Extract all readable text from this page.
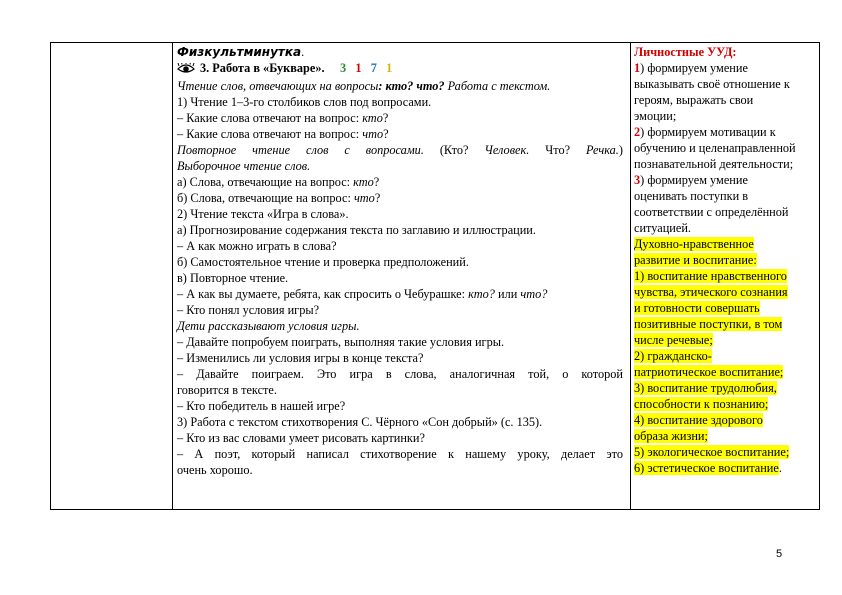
Физкультминутка.
3. Работа в «Букваре». 3 1 7 1
Чтение слов, отвечающих на вопросы: кто? что? Работа с текстом.
1) Чтение 1–3-го столбиков слов под вопросами.
– Какие слова отвечают на вопрос: кто?
– Какие слова отвечают на вопрос: что?
Повторное чтение слов с вопросами. (Кто? Человек. Что? Речка.)
Выборочное чтение слов.
а) Слова, отвечающие на вопрос: кто?
б) Слова, отвечающие на вопрос: что?
2) Чтение текста «Игра в слова».
а) Прогнозирование содержания текста по заглавию и иллюстрации.
– А как можно играть в слова?
б) Самостоятельное чтение и проверка предположений.
в) Повторное чтение.
– А как вы думаете, ребята, как спросить о Чебурашке: кто? или что?
– Кто понял условия игры?
Дети рассказывают условия игры.
– Давайте попробуем поиграть, выполняя такие условия игры.
– Изменились ли условия игры в конце текста?
– Давайте поиграем. Это игра в слова, аналогичная той, о которой
говорится в тексте.
– Кто победитель в нашей игре?
3) Работа с текстом стихотворения С. Чёрного «Сон добрый» (с. 135).
– Кто из вас словами умеет рисовать картинки?
– А поэт, который написал стихотворение к нашему уроку, делает это
очень хорошо.
Личностные УУД:
1) формируем умение
выказывать своё отношение к
героям, выражать свои
эмоции;
2) формируем мотивации к
обучению и целенаправленной
познавательной деятельности;
3) формируем умение
оценивать поступки в
соответствии с определённой
ситуацией.
Духовно-нравственное
развитие и воспитание:
1) воспитание нравственного
чувства, этического сознания
и готовности совершать
позитивные поступки, в том
числе речевые;
2) гражданско-
патриотическое воспитание;
3) воспитание трудолюбия,
способности к познанию;
4) воспитание здорового
образа жизни;
5) экологическое воспитание;
6) эстетическое воспитание.
5
